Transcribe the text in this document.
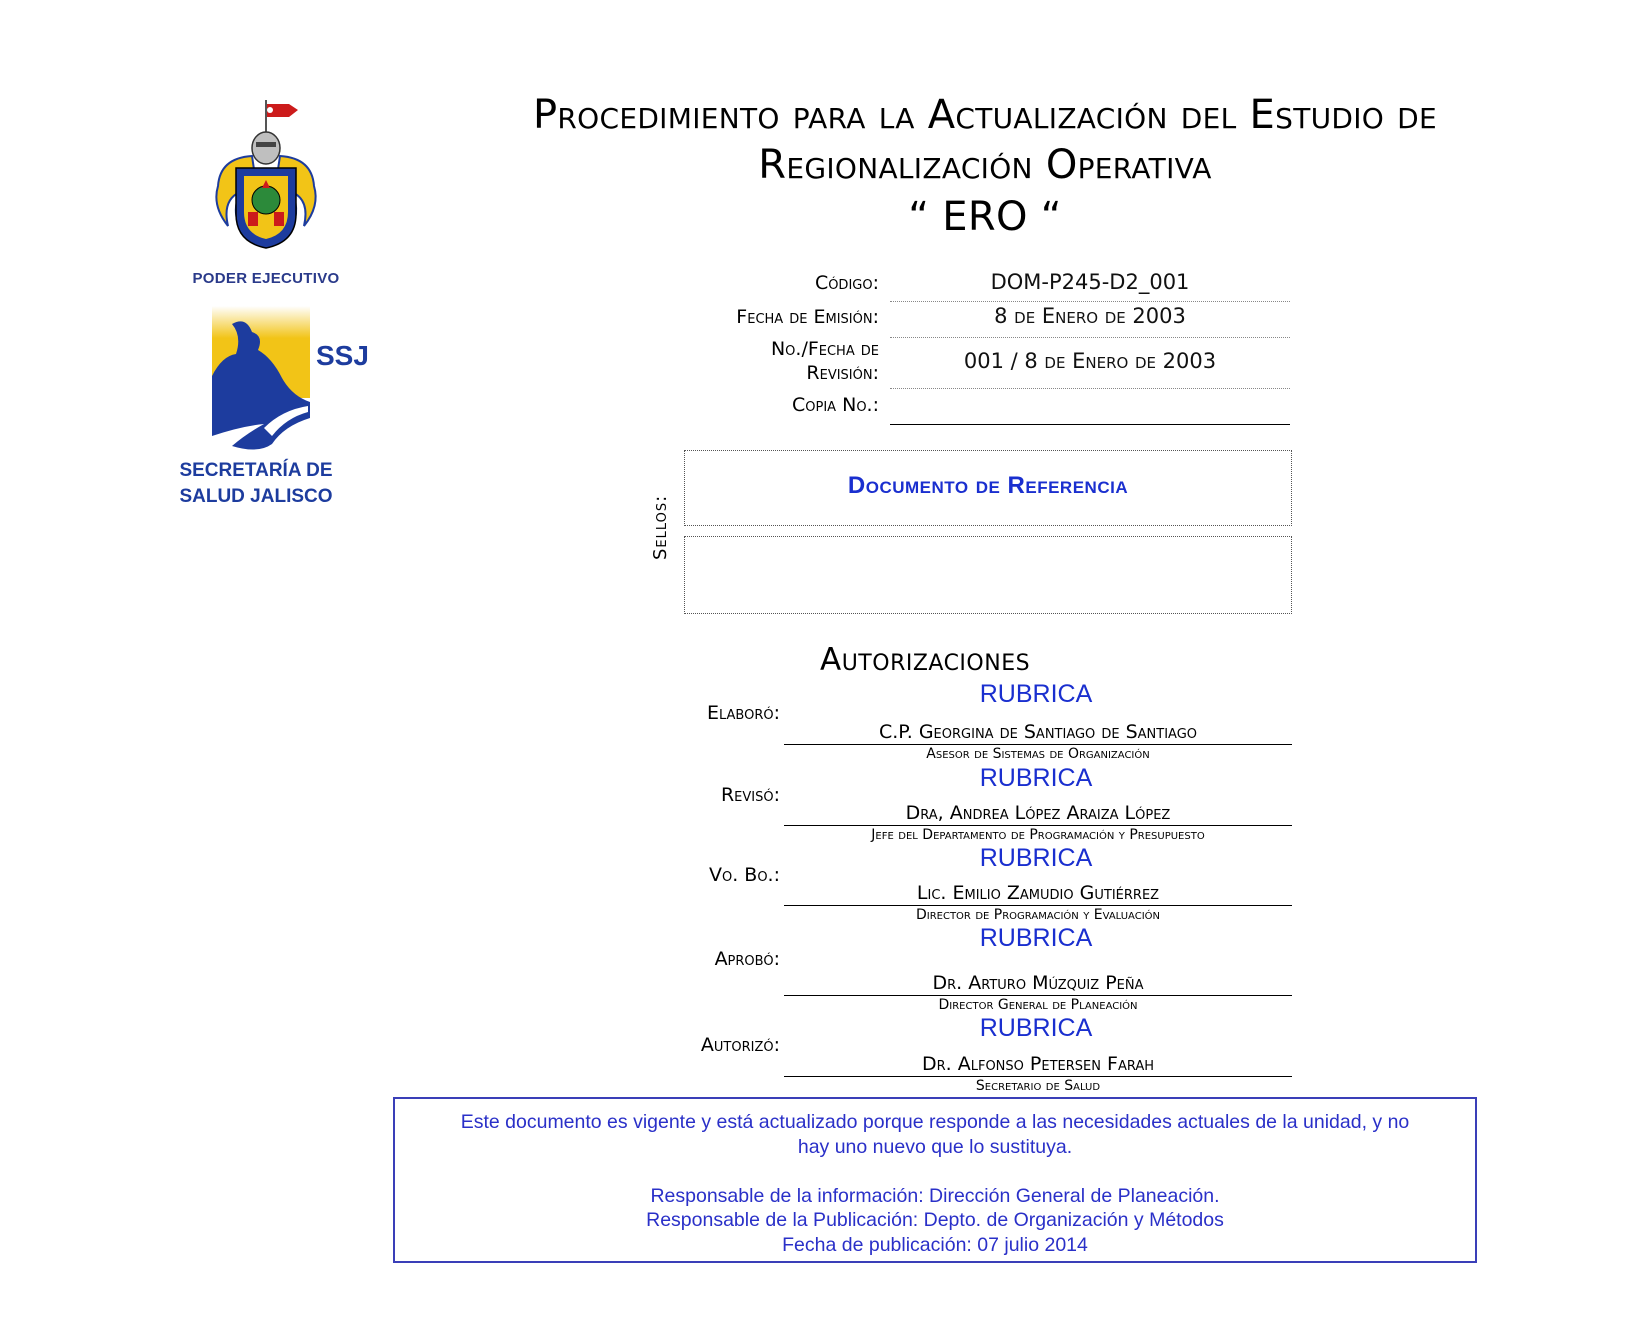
PODER EJECUTIVO
SSJ
SECRETARÍA DE
SALUD JALISCO
Procedimiento para la Actualización del Estudio de
Regionalización Operativa
“ ERO “
Código:	DOM-P245-D2_001
Fecha de Emisión:	8 de Enero de 2003
No./Fecha de
Revisión:	001 / 8 de Enero de 2003
Copia No.:
Sellos:
Documento de Referencia
Autorizaciones
Elaboró:
RUBRICA
C.P. Georgina de Santiago de Santiago
Asesor de Sistemas de Organización
Revisó:
RUBRICA
Dra, Andrea López Araiza López
Jefe del Departamento de Programación y Presupuesto
Vo. Bo.:
RUBRICA
Lic. Emilio Zamudio Gutiérrez
Director de Programación y Evaluación
Aprobó:
RUBRICA
Dr. Arturo Múzquiz Peña
Director General de Planeación
Autorizó:
RUBRICA
Dr. Alfonso Petersen Farah
Secretario de Salud

Este documento es vigente y está actualizado porque responde a las necesidades actuales de la unidad, y no

hay uno nuevo que lo sustituya.

Responsable de la información: Dirección General de Planeación.

Responsable de la Publicación: Depto. de Organización y Métodos

Fecha de publicación: 07 julio 2014
